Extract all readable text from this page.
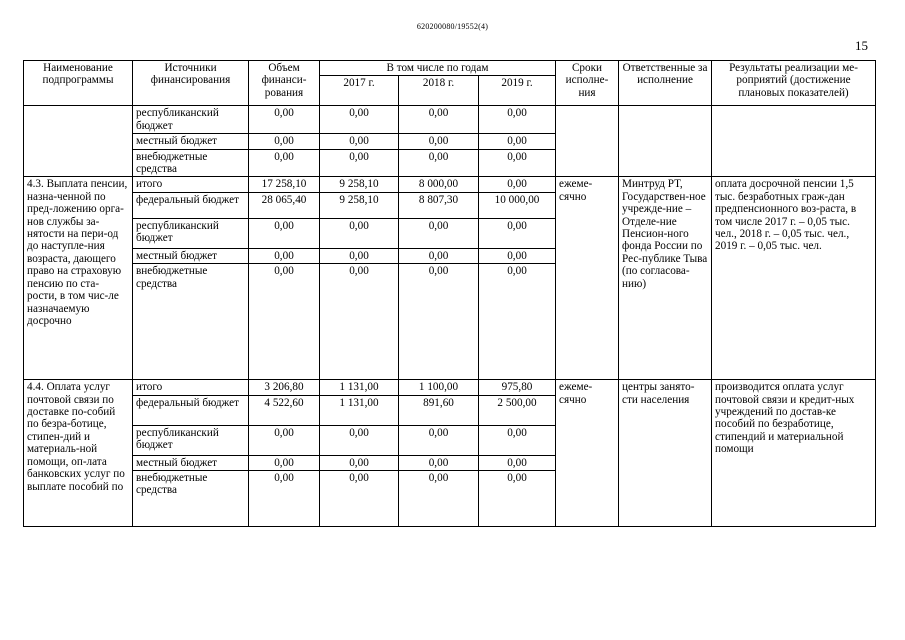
620200080/19552(4)
15
Наименование подпрограммы	Источники финансирования	Объем финанси-рования	В том числе по годам			Сроки исполне-ния	Ответственные за исполнение	Результаты реализации ме-роприятий (достижение плановых показателей)
			2017 г.	2018 г.	2019 г.			
	республиканский бюджет	0,00	0,00	0,00	0,00			
	местный бюджет	0,00	0,00	0,00	0,00			
	внебюджетные средства	0,00	0,00	0,00	0,00			
4.3. Выплата пенсии, назна-ченной по пред-ложению орга-нов службы за-нятости на пери-од до наступле-ния возраста, дающего право на страховую пенсию по ста-рости, в том чис-ле назначаемую досрочно	итого	17 258,10	9 258,10	8 000,00	0,00	ежеме-сячно	Минтруд РТ, Государствен-ное учрежде-ние – Отделе-ние Пенсион-ного фонда России по Рес-публике Тыва (по согласова-нию)	оплата досрочной пенсии 1,5 тыс. безработных граж-дан предпенсионного воз-раста, в том числе 2017 г. – 0,05 тыс. чел., 2018 г. – 0,05 тыс. чел., 2019 г. – 0,05 тыс. чел.
	федеральный бюджет	28 065,40	9 258,10	8 807,30	10 000,00			
	республиканский бюджет	0,00	0,00	0,00	0,00			
	местный бюджет	0,00	0,00	0,00	0,00			
	внебюджетные средства	0,00	0,00	0,00	0,00			
4.4. Оплата услуг почтовой связи по доставке по-собий по безра-ботице, стипен-дий и материаль-ной помощи, оп-лата банковских услуг по выплате пособий по	итого	3 206,80	1 131,00	1 100,00	975,80	ежеме-сячно	центры занято-сти населения	производится оплата услуг почтовой связи и кредит-ных учреждений по достав-ке пособий по безработице, стипендий и материальной помощи
	федеральный бюджет	4 522,60	1 131,00	891,60	2 500,00			
	республиканский бюджет	0,00	0,00	0,00	0,00			
	местный бюджет	0,00	0,00	0,00	0,00			
	внебюджетные средства	0,00	0,00	0,00	0,00			
